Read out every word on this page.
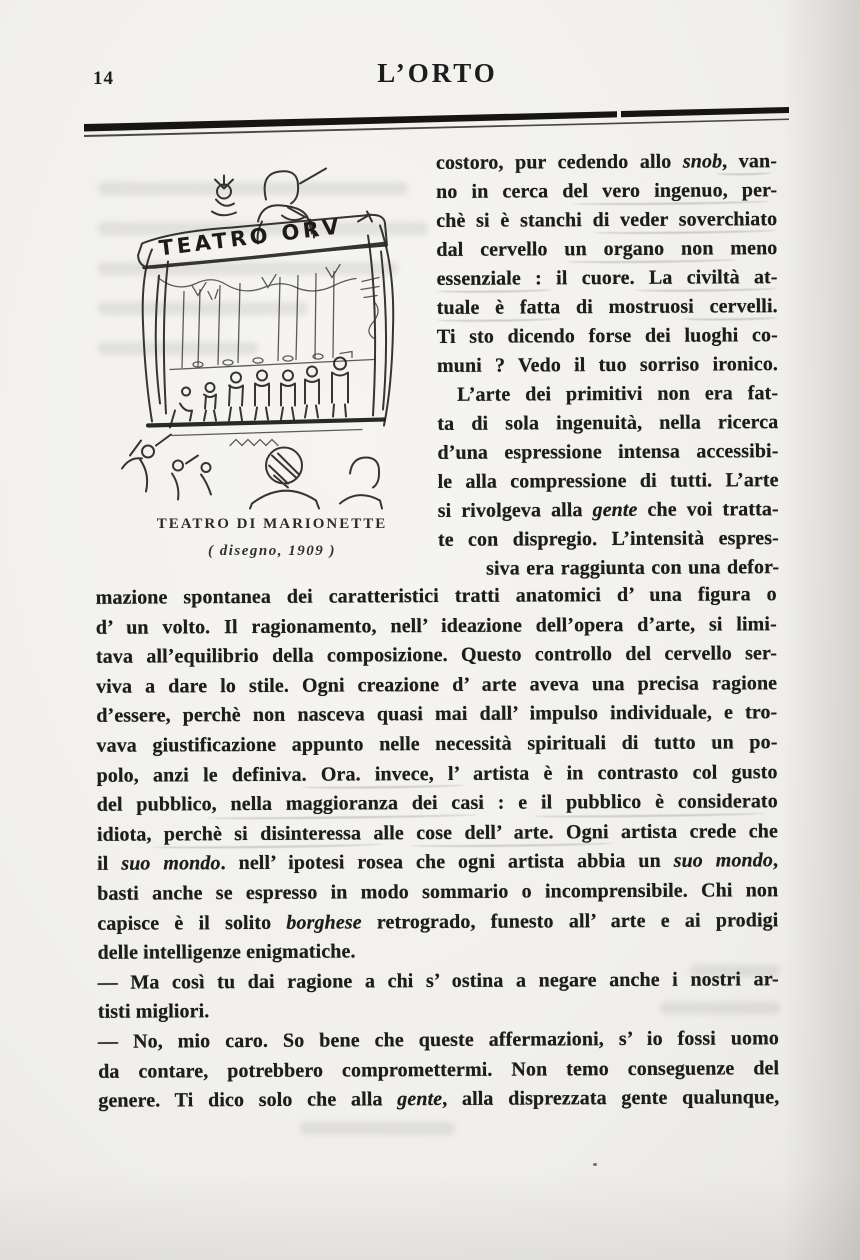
14	L’ORTO
TEATRO ORV
TEATRO DI MARIONETTE
( disegno, 1909 )
costoro, pur cedendo allo snob, van-
no in cerca del vero ingenuo, per-
chè si è stanchi di veder soverchiato
dal cervello un organo non meno
essenziale : il cuore. La civiltà at-
tuale è fatta di mostruosi cervelli.
Ti sto dicendo forse dei luoghi co-
muni ? Vedo il tuo sorriso ironico.
L’arte dei primitivi non era fat-
ta di sola ingenuità, nella ricerca
d’una espressione intensa accessibi-
le alla compressione di tutti. L’arte
si rivolgeva alla gente che voi tratta-
te con dispregio. L’intensità espres-
siva era raggiunta con una defor-
mazione spontanea dei caratteristici tratti anatomici d’ una figura o
d’ un volto. Il ragionamento, nell’ ideazione dell’opera d’arte, si limi-
tava all’equilibrio della composizione. Questo controllo del cervello ser-
viva a dare lo stile. Ogni creazione d’ arte aveva una precisa ragione
d’essere, perchè non nasceva quasi mai dall’ impulso individuale, e tro-
vava giustificazione appunto nelle necessità spirituali di tutto un po-
polo, anzi le definiva. Ora. invece, l’ artista è in contrasto col gusto
del pubblico, nella maggioranza dei casi : e il pubblico è considerato
idiota, perchè si disinteressa alle cose dell’ arte. Ogni artista crede che
il suo mondo. nell’ ipotesi rosea che ogni artista abbia un suo mondo,
basti anche se espresso in modo sommario o incomprensibile. Chi non
capisce è il solito borghese retrogrado, funesto all’ arte e ai prodigi
delle intelligenze enigmatiche.
— Ma così tu dai ragione a chi s’ ostina a negare anche i nostri ar-
tisti migliori.
— No, mio caro. So bene che queste affermazioni, s’ io fossi uomo
da contare, potrebbero compromettermi. Non temo conseguenze del
genere. Ti dico solo che alla gente, alla disprezzata gente qualunque,
